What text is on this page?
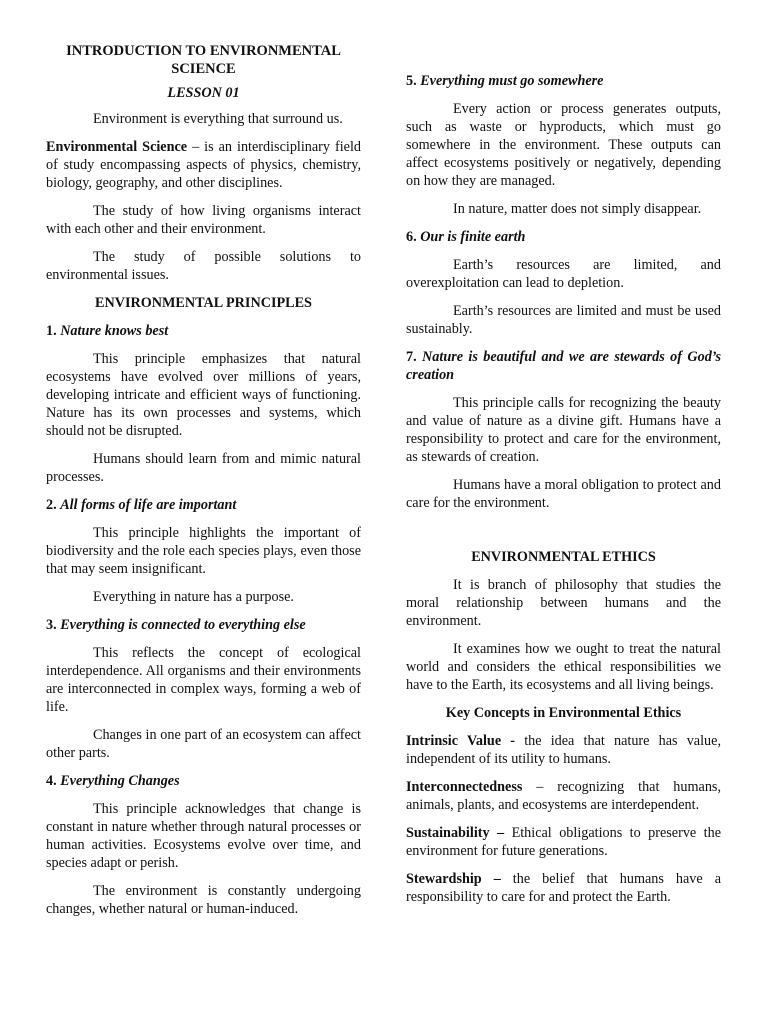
INTRODUCTION TO ENVIRONMENTAL SCIENCE
LESSON 01

Environment is everything that surround us.

Environmental Science – is an interdisciplinary field of study encompassing aspects of physics, chemistry, biology, geography, and other disciplines.

The study of how living organisms interact with each other and their environment.

The study of possible solutions to environmental issues.

ENVIRONMENTAL PRINCIPLES
1. Nature knows best

This principle emphasizes that natural ecosystems have evolved over millions of years, developing intricate and efficient ways of functioning. Nature has its own processes and systems, which should not be disrupted.

Humans should learn from and mimic natural processes.

2. All forms of life are important

This principle highlights the important of biodiversity and the role each species plays, even those that may seem insignificant.

Everything in nature has a purpose.

3. Everything is connected to everything else

This reflects the concept of ecological interdependence. All organisms and their environments are interconnected in complex ways, forming a web of life.

Changes in one part of an ecosystem can affect other parts.

4. Everything Changes

This principle acknowledges that change is constant in nature whether through natural processes or human activities. Ecosystems evolve over time, and species adapt or perish.

The environment is constantly undergoing changes, whether natural or human-induced.

5. Everything must go somewhere

Every action or process generates outputs, such as waste or hyproducts, which must go somewhere in the environment. These outputs can affect ecosystems positively or negatively, depending on how they are managed.

In nature, matter does not simply disappear.

6. Our is finite earth

Earth’s resources are limited, and overexploitation can lead to depletion.

Earth’s resources are limited and must be used sustainably.

7. Nature is beautiful and we are stewards of God’s creation

This principle calls for recognizing the beauty and value of nature as a divine gift. Humans have a responsibility to protect and care for the environment, as stewards of creation.

Humans have a moral obligation to protect and care for the environment.

ENVIRONMENTAL ETHICS

It is branch of philosophy that studies the moral relationship between humans and the environment.

It examines how we ought to treat the natural world and considers the ethical responsibilities we have to the Earth, its ecosystems and all living beings.

Key Concepts in Environmental Ethics

Intrinsic Value - the idea that nature has value, independent of its utility to humans.

Interconnectedness – recognizing that humans, animals, plants, and ecosystems are interdependent.

Sustainability – Ethical obligations to preserve the environment for future generations.

Stewardship – the belief that humans have a responsibility to care for and protect the Earth.
